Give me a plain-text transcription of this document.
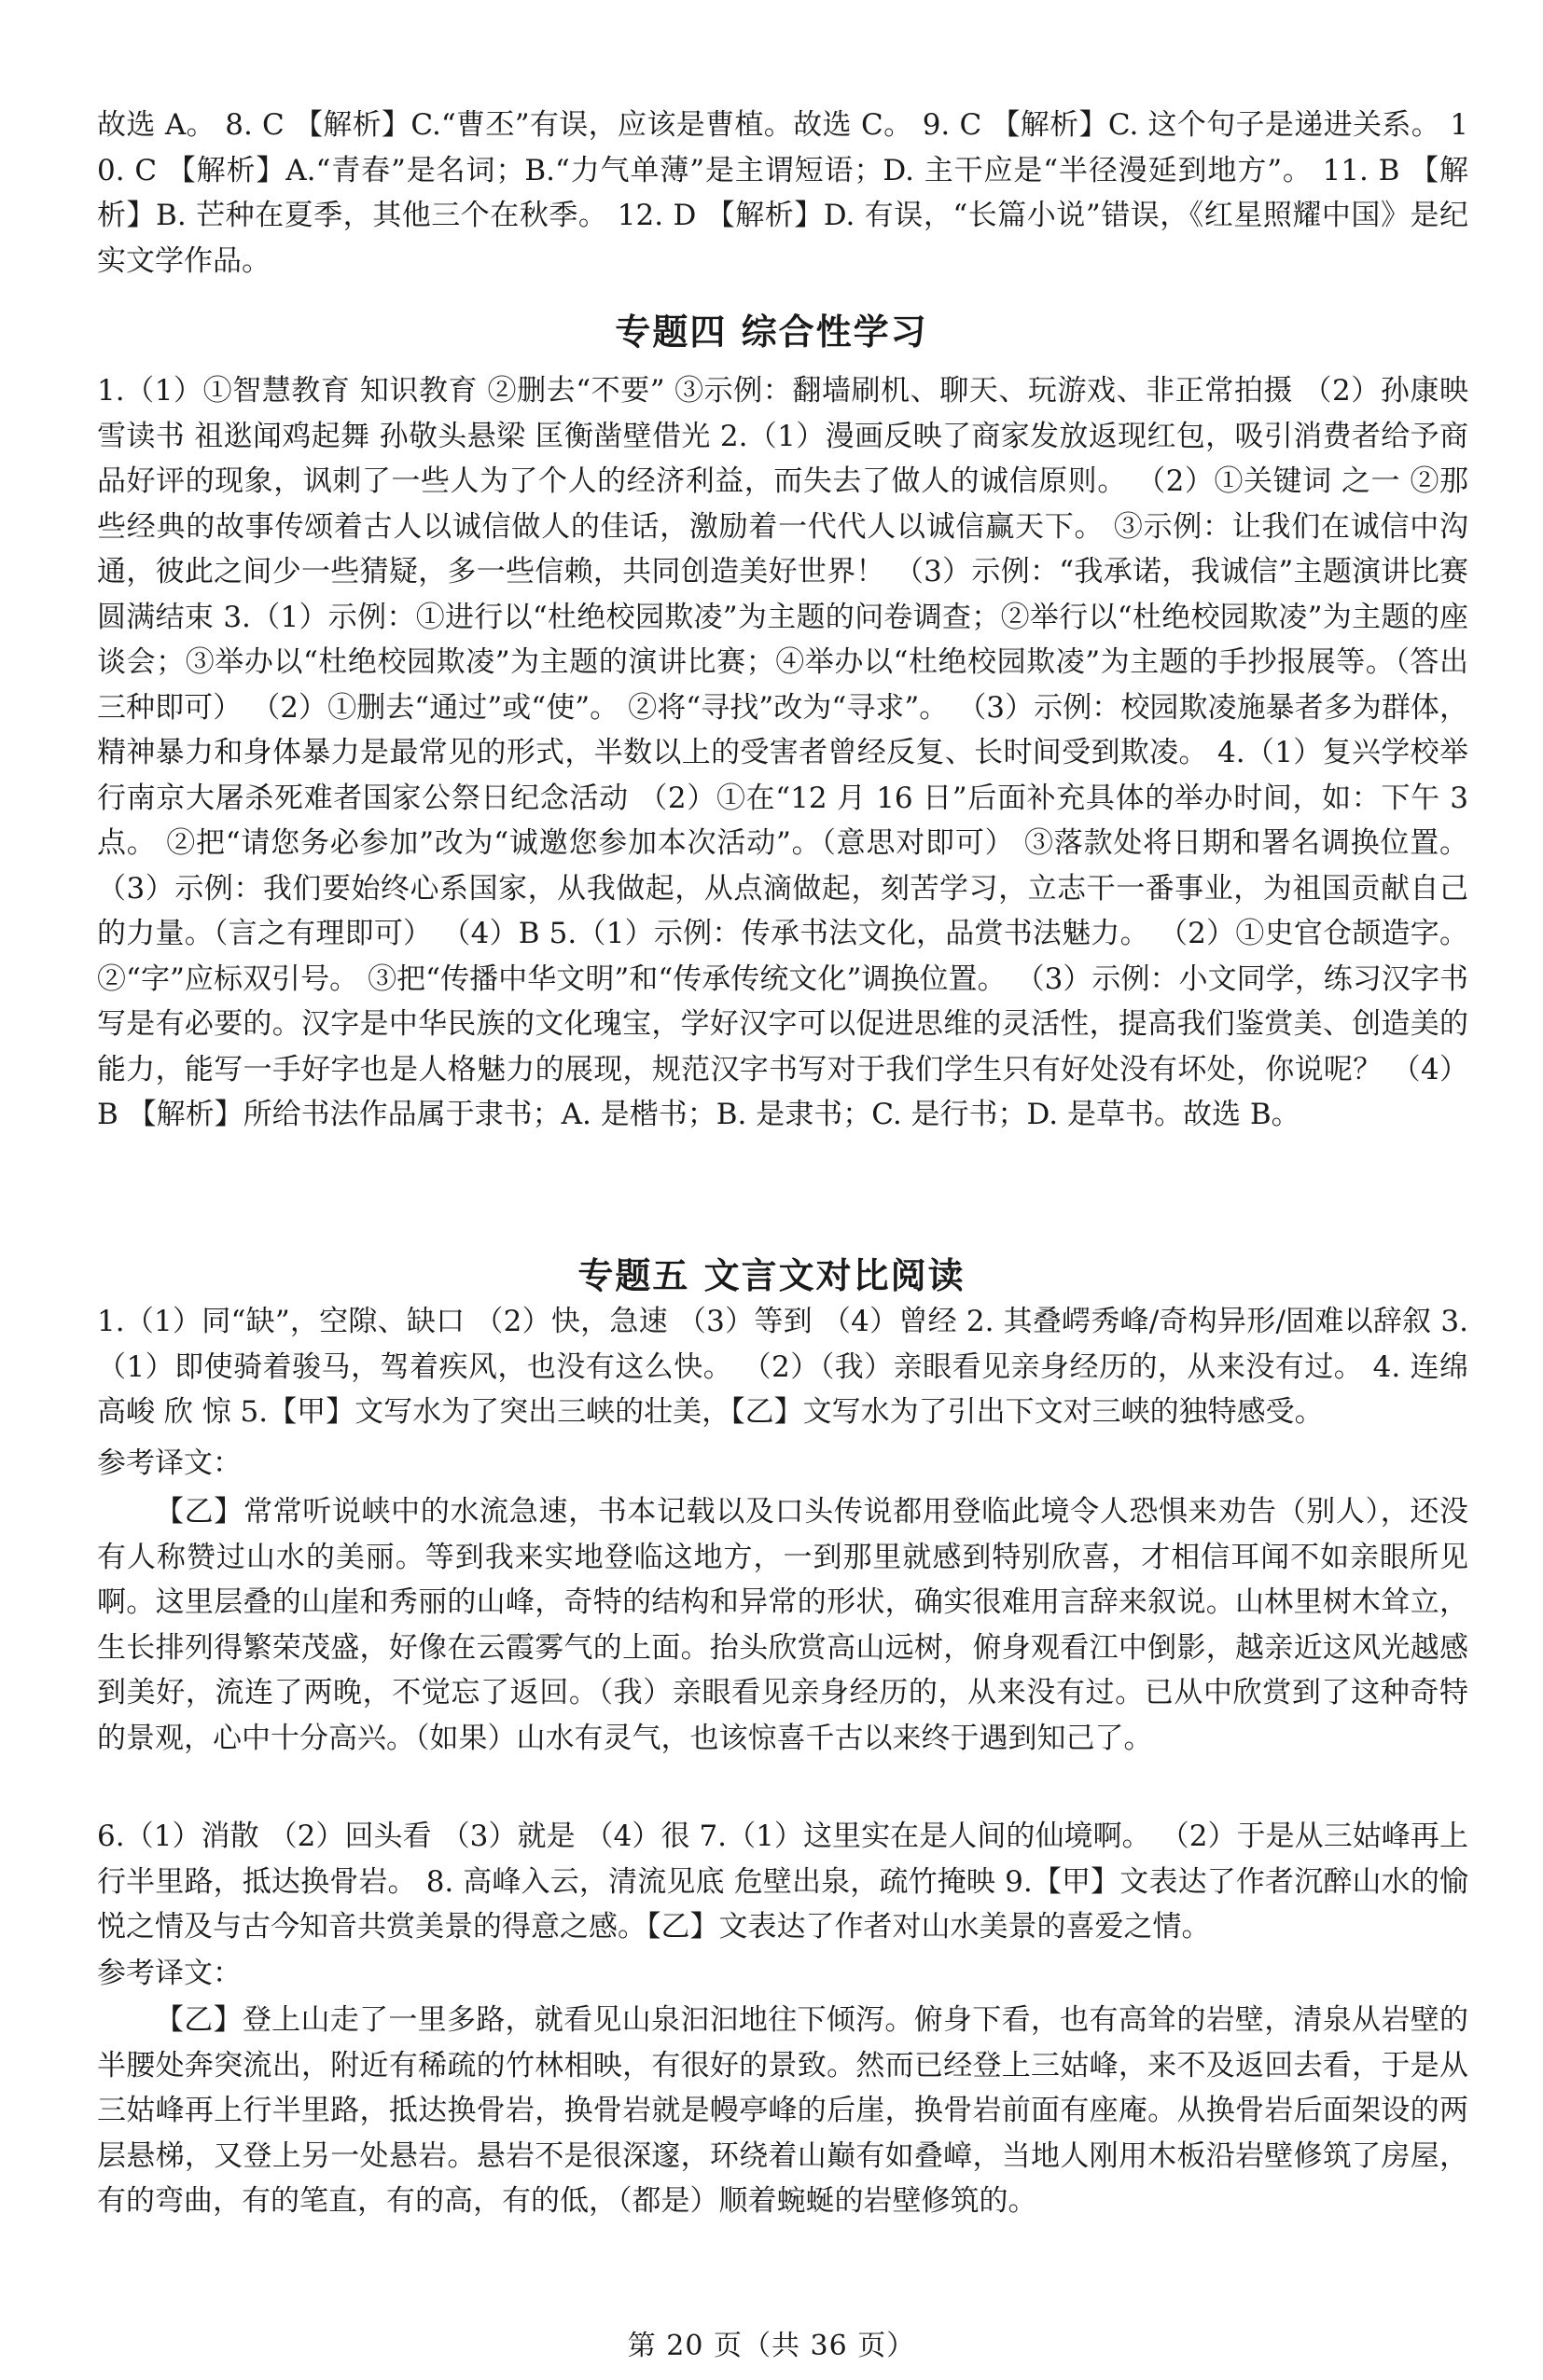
故选 A。 8. C 【解析】C.“曹丕”有误，应该是曹植。故选 C。 9. C 【解析】C. 这个句子是递进关系。 10. C 【解析】A.“青春”是名词；B.“力气单薄”是主谓短语；D. 主干应是“半径漫延到地方”。 11. B 【解析】B. 芒种在夏季，其他三个在秋季。 12. D 【解析】D. 有误，“长篇小说”错误，《红星照耀中国》是纪实文学作品。
专题四 综合性学习
1.（1）①智慧教育 知识教育 ②删去“不要” ③示例：翻墙刷机、聊天、玩游戏、非正常拍摄 （2）孙康映雪读书 祖逖闻鸡起舞 孙敬头悬梁 匡衡凿壁借光 2.（1）漫画反映了商家发放返现红包，吸引消费者给予商品好评的现象，讽刺了一些人为了个人的经济利益，而失去了做人的诚信原则。 （2）①关键词 之一 ②那些经典的故事传颂着古人以诚信做人的佳话，激励着一代代人以诚信赢天下。 ③示例：让我们在诚信中沟通，彼此之间少一些猜疑，多一些信赖，共同创造美好世界！ （3）示例：“我承诺，我诚信”主题演讲比赛圆满结束 3.（1）示例：①进行以“杜绝校园欺凌”为主题的问卷调查；②举行以“杜绝校园欺凌”为主题的座谈会；③举办以“杜绝校园欺凌”为主题的演讲比赛；④举办以“杜绝校园欺凌”为主题的手抄报展等。（答出三种即可） （2）①删去“通过”或“使”。 ②将“寻找”改为“寻求”。 （3）示例：校园欺凌施暴者多为群体，精神暴力和身体暴力是最常见的形式，半数以上的受害者曾经反复、长时间受到欺凌。 4.（1）复兴学校举行南京大屠杀死难者国家公祭日纪念活动 （2）①在“12 月 16 日”后面补充具体的举办时间，如：下午 3 点。 ②把“请您务必参加”改为“诚邀您参加本次活动”。（意思对即可） ③落款处将日期和署名调换位置。 （3）示例：我们要始终心系国家，从我做起，从点滴做起，刻苦学习，立志干一番事业，为祖国贡献自己的力量。（言之有理即可） （4）B 5.（1）示例：传承书法文化，品赏书法魅力。 （2）①史官仓颉造字。 ②“字”应标双引号。 ③把“传播中华文明”和“传承传统文化”调换位置。 （3）示例：小文同学，练习汉字书写是有必要的。汉字是中华民族的文化瑰宝，学好汉字可以促进思维的灵活性，提高我们鉴赏美、创造美的能力，能写一手好字也是人格魅力的展现，规范汉字书写对于我们学生只有好处没有坏处，你说呢？ （4）B 【解析】所给书法作品属于隶书；A. 是楷书；B. 是隶书；C. 是行书；D. 是草书。故选 B。
专题五 文言文对比阅读
1.（1）同“缺”，空隙、缺口 （2）快，急速 （3）等到 （4）曾经 2. 其叠崿秀峰/奇构异形/固难以辞叙 3.（1）即使骑着骏马，驾着疾风，也没有这么快。 （2）（我）亲眼看见亲身经历的，从来没有过。 4. 连绵 高峻 欣 惊 5.【甲】文写水为了突出三峡的壮美，【乙】文写水为了引出下文对三峡的独特感受。
参考译文：
【乙】常常听说峡中的水流急速，书本记载以及口头传说都用登临此境令人恐惧来劝告（别人），还没有人称赞过山水的美丽。等到我来实地登临这地方，一到那里就感到特别欣喜，才相信耳闻不如亲眼所见啊。这里层叠的山崖和秀丽的山峰，奇特的结构和异常的形状，确实很难用言辞来叙说。山林里树木耸立，生长排列得繁荣茂盛，好像在云霞雾气的上面。抬头欣赏高山远树，俯身观看江中倒影，越亲近这风光越感到美好，流连了两晚，不觉忘了返回。（我）亲眼看见亲身经历的，从来没有过。已从中欣赏到了这种奇特的景观，心中十分高兴。（如果）山水有灵气，也该惊喜千古以来终于遇到知己了。
6.（1）消散 （2）回头看 （3）就是 （4）很 7.（1）这里实在是人间的仙境啊。 （2）于是从三姑峰再上行半里路，抵达换骨岩。 8. 高峰入云，清流见底 危壁出泉，疏竹掩映 9.【甲】文表达了作者沉醉山水的愉悦之情及与古今知音共赏美景的得意之感。【乙】文表达了作者对山水美景的喜爱之情。
参考译文：
【乙】登上山走了一里多路，就看见山泉汩汩地往下倾泻。俯身下看，也有高耸的岩壁，清泉从岩壁的半腰处奔突流出，附近有稀疏的竹林相映，有很好的景致。然而已经登上三姑峰，来不及返回去看，于是从三姑峰再上行半里路，抵达换骨岩，换骨岩就是幔亭峰的后崖，换骨岩前面有座庵。从换骨岩后面架设的两层悬梯，又登上另一处悬岩。悬岩不是很深邃，环绕着山巅有如叠嶂，当地人刚用木板沿岩壁修筑了房屋，有的弯曲，有的笔直，有的高，有的低，（都是）顺着蜿蜒的岩壁修筑的。
第 20 页（共 36 页）
